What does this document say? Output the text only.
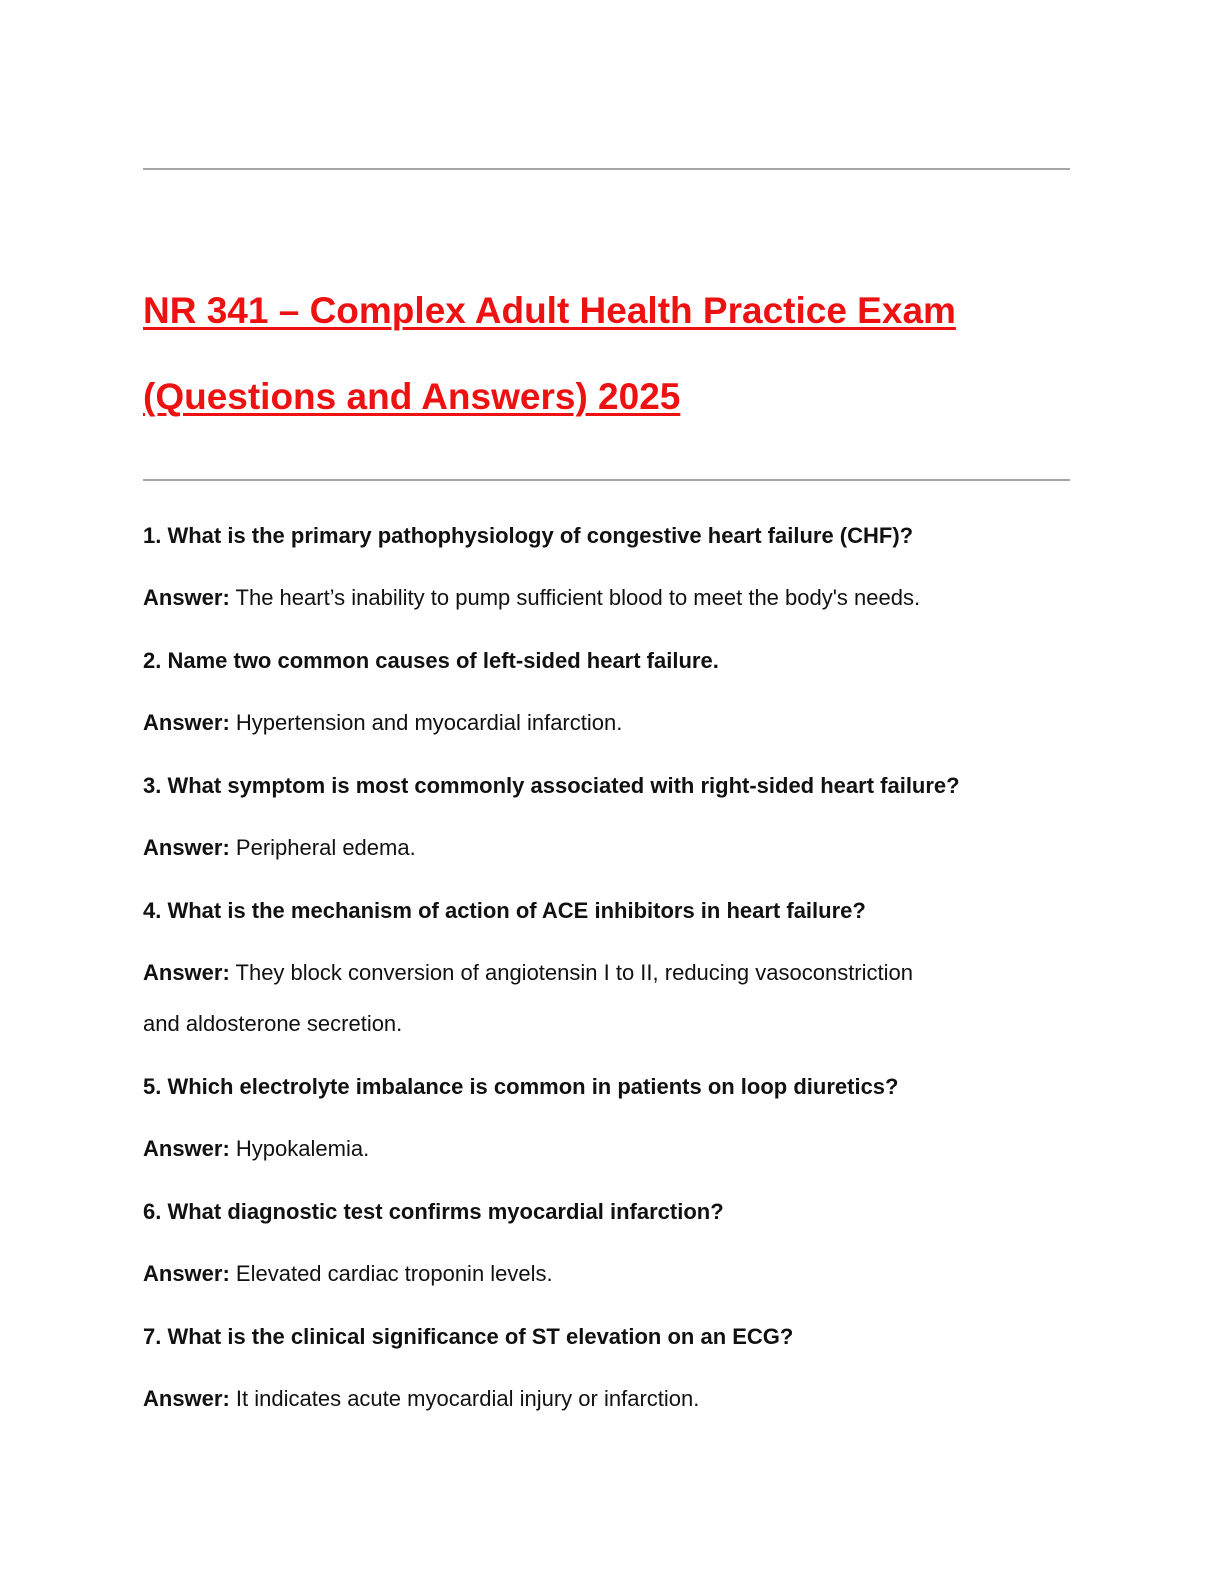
NR 341 – Complex Adult Health Practice Exam
(Questions and Answers) 2025
1. What is the primary pathophysiology of congestive heart failure (CHF)?
Answer: The heart’s inability to pump sufficient blood to meet the body's needs.
2. Name two common causes of left-sided heart failure.
Answer: Hypertension and myocardial infarction.
3. What symptom is most commonly associated with right-sided heart failure?
Answer: Peripheral edema.
4. What is the mechanism of action of ACE inhibitors in heart failure?
Answer: They block conversion of angiotensin I to II, reducing vasoconstriction
and aldosterone secretion.
5. Which electrolyte imbalance is common in patients on loop diuretics?
Answer: Hypokalemia.
6. What diagnostic test confirms myocardial infarction?
Answer: Elevated cardiac troponin levels.
7. What is the clinical significance of ST elevation on an ECG?
Answer: It indicates acute myocardial injury or infarction.
